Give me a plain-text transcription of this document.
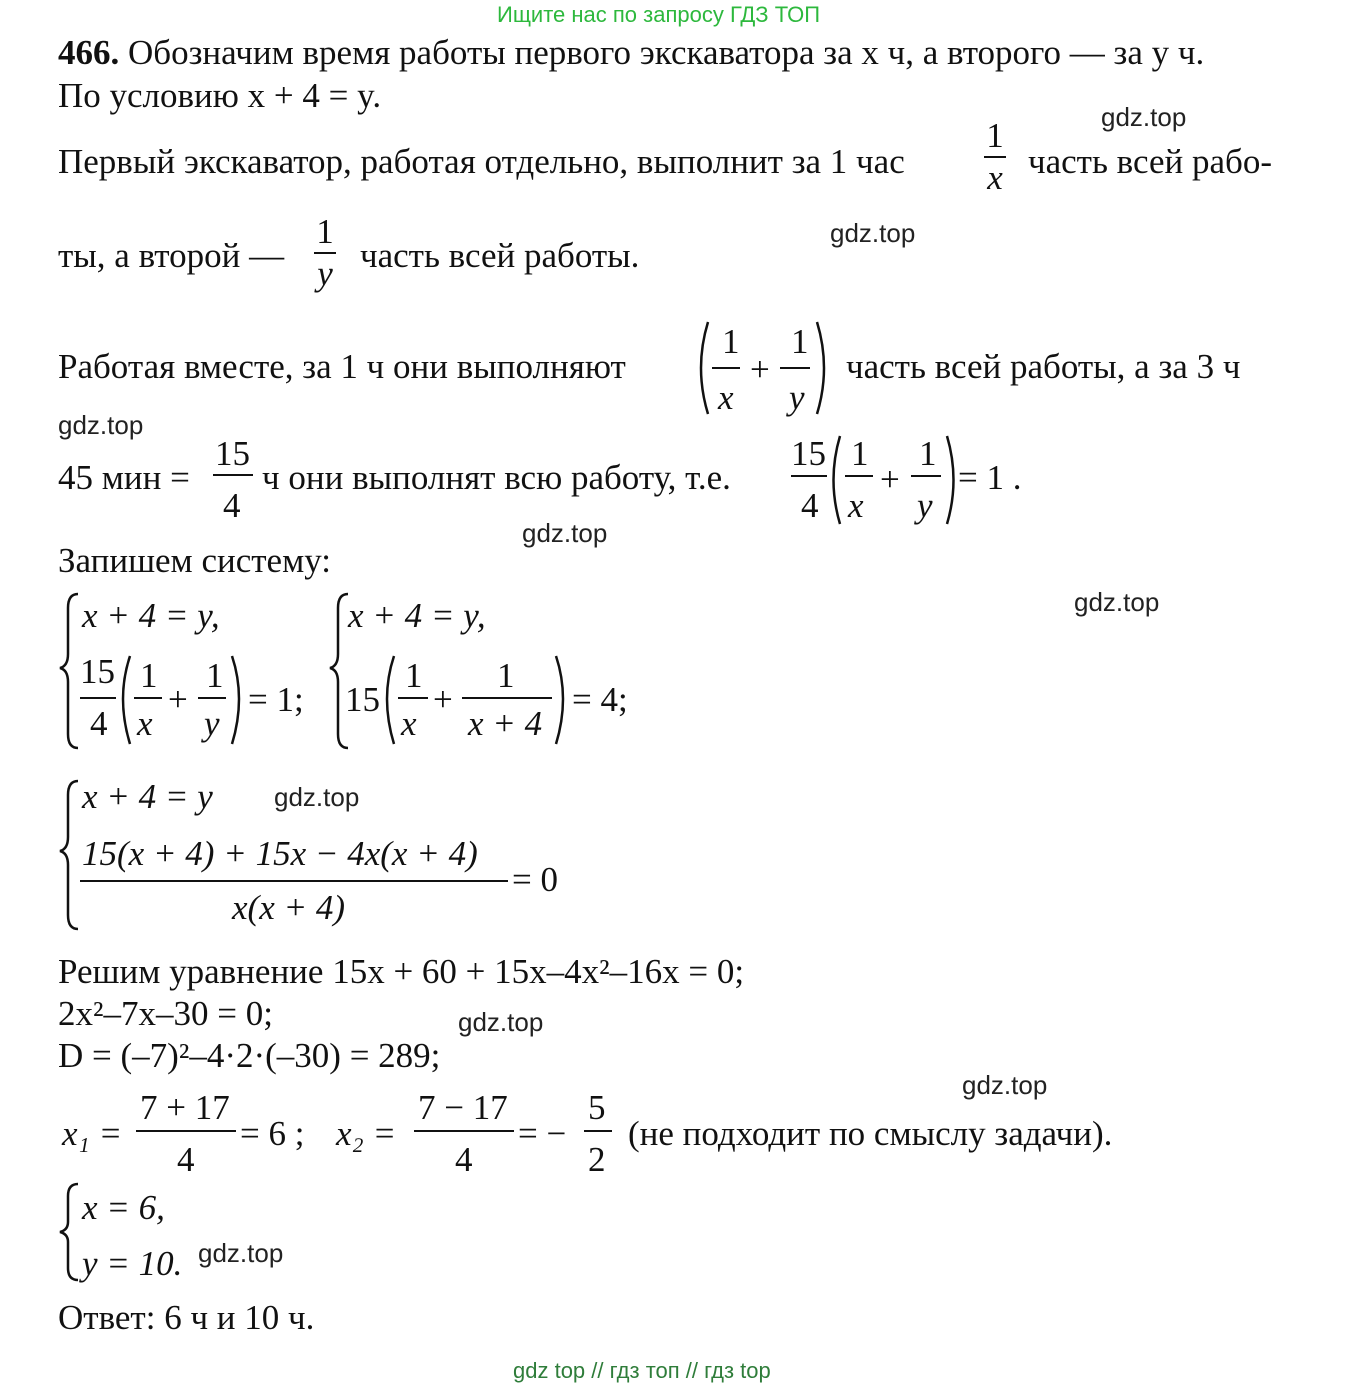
Ищите нас по запросу ГДЗ ТОП
466. Обозначим время работы первого экскаватора за x ч, а второго — за y ч.
По условию x + 4 = y.
gdz.top
Первый экскаватор, работая отдельно, выполнит за 1 час
1
x часть всей рабо-
gdz.top
ты, а второй —
1
y часть всей работы.
Работая вместе, за 1 ч они выполняют
1
x
+
1
y
часть всей работы, а за 3 ч
gdz.top
45 мин =
15
4
ч они выполнят всю работу, т.е.
15
4
1
x
+
1
y
= 1 .
gdz.top
Запишем систему:
gdz.top
x + 4 = y,
15
4
1
x
+
1
y
= 1;
x + 4 = y,
15
1
x
+
1
x + 4
= 4;
x + 4 = y gdz.top
15(x + 4) + 15x − 4x(x + 4)
x(x + 4)
= 0
Решим уравнение 15x + 60 + 15x–4x²–16x = 0;
2x²–7x–30 = 0;	gdz.top
D = (–7)²–4·2·(–30) = 289;
gdz.top
x₁ =
7 + 17
4
= 6 ; x₂ =
7 − 17
4
= −
5
2
(не подходит по смыслу задачи).
x = 6,
y = 10. gdz.top
Ответ: 6 ч и 10 ч.
gdz top // гдз топ // гдз top
